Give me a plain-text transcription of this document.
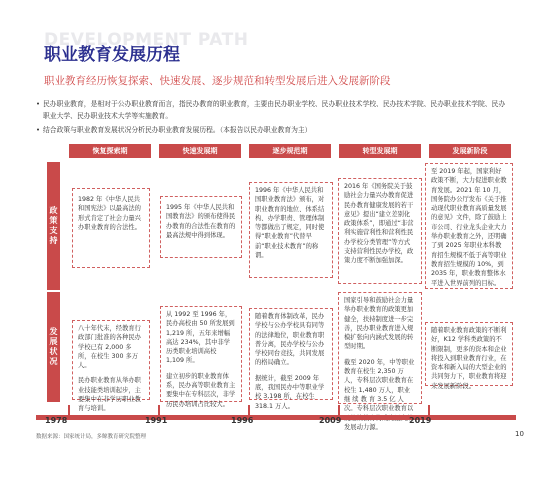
DEVELOPMENT PATH
职业教育发展历程
职业教育经历恢复探索、快速发展、逐步规范和转型发展后进入发展新阶段
• 民办职业教育，是相对于公办职业教育而言，指民办教育的职业教育，主要由民办职业学校、民办职业技术学校、民办技术学院、民办职业技术学院、民办职业大学、民办职业技术大学等实施教育。
• 结合政策与职业教育发展状况分析民办职业教育发展历程。（本报告以民办职业教育为主）
恢复探索期	快速发展期	逐步规范期	转型发展期	发展新阶段
政
策
支
持
发
展
状
况

1982 年《中华人民共和国宪法》以最高法的形式肯定了社会力量兴办职业教育的合法性。

1995 年《中华人民共和国教育法》的颁布使得民办教育的合法性在教育的最高法规中得到体现。

1996 年《中华人民共和国职业教育法》颁布，对职业教育的地位、体系结构、办学职责、管理体制等都做出了规定，同时使得“职业教育”代替早前“职业技术教育”的称谓。

2016 年《国务院关于鼓励社会力量兴办教育促进民办教育健康发展的若干意见》提出“建立差别化政策体系”，即通过“非营利实施营利性和营利性民办学校分类管理”等方式支持营利性民办学校，政策力度不断加强加深。

至 2019 年起，国家利好政策不断，大力促进职业教育发展。2021 年 10 月，国务院办公厅发布《关于推动现代职业教育高质量发展的意见》文件，除了鼓励上市公司、行业龙头企业大力举办职业教育之外，还明确了到 2025 年职业本科教育招生规模不低于高等职业教育招生规模的 10%，到 2035 年，职业教育整体水平进入世界前列的目标。

八十年代末，经教育行政部门批准的各种民办学校已有 2,000 多所，在校生 300 多万人。

民办职业教育从举办职业技能类培训起步，主要集中在非学历职业教育与培训。

从 1992 至 1996 年，民办高校由 50 所发展到 1,219 所，五年来增幅高达 234%，其中非学历类职业培训高校 1,109 所。

建立初步的职业教育体系，民办高等职业教育主要集中在专科层次，非学历民办培训占比较大。

随着教育体制改革，民办学校与公办学校具有同等的法律地位，职业教育职普分离，民办学校与公办学校同台竞技，共同发展的格局确立。

据统计，截至 2009 年底，我国民办中等职业学校 3,198 所，在校生 318.1 万人。

国家引导和鼓励社会力量举办职业教育的政策更加健全，扶持制度进一步完善，民办职业教育进入规模扩张向内涵式发展的转型时期。

截至 2020 年，中等职业教育在校生 2,350 万人，专科层次职业教育在校生 1,480 万人，职业 继 续 教 育 3.5 亿 人次。专科层次职业教育以 发展动力源。

随着职业教育政策的不断利好，K12 学科类政策的不断限制，更多的资本和企业将投入到职业教育行业，在资本和新入局的大型企业的共同努力下，职业教育将迎来发展新阶段。

1978	1991	1996	2009	2019
数据来源：国家统计局，多鲸教育研究院整理	10
